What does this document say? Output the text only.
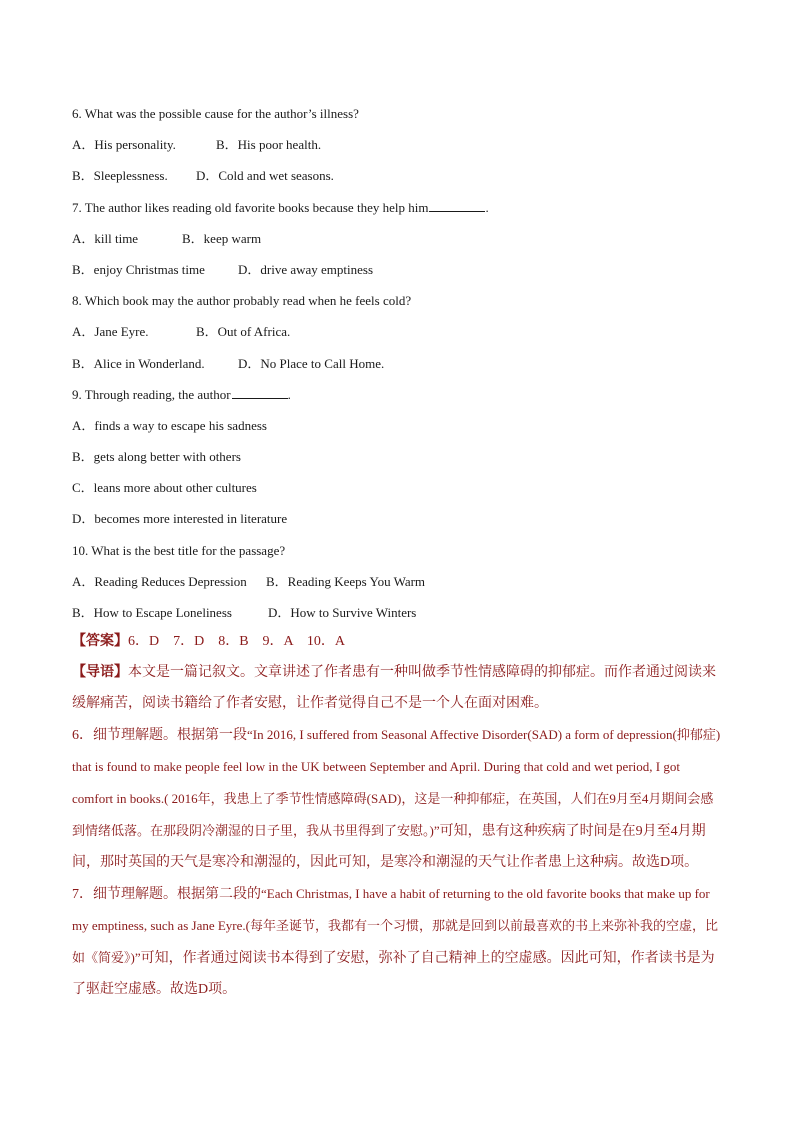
6. What was the possible cause for the author’s illness?
A．His personality.	B．His poor health.
B．Sleeplessness. D．Cold and wet seasons.
7. The author likes reading old favorite books because they help him	.
A．kill time	B．keep warm
B．enjoy Christmas time	D．drive away emptiness
8. Which book may the author probably read when he feels cold?
A．Jane Eyre.	B．Out of Africa.
B．Alice in Wonderland.	D．No Place to Call Home.
9. Through reading, the author	.
A．finds a way to escape his sadness
B．gets along better with others
C．leans more about other cultures
D．becomes more interested in literature
10. What is the best title for the passage?
A．Reading Reduces Depression B．Reading Keeps You Warm
B．How to Escape Loneliness	D．How to Survive Winters
【答案】6．D　7．D　8．B　9．A　10．A
【导语】本文是一篇记叙文。文章讲述了作者患有一种叫做季节性情感障碍的抑郁症。而作者通过阅读来缓解痛苦，阅读书籍给了作者安慰，让作者觉得自己不是一个人在面对困难。
6．细节理解题。根据第一段“In 2016, I suffered from Seasonal Affective Disorder(SAD) a form of depression(抑郁症) that is found to make people feel low in the UK between September and April. During that cold and wet period, I got comfort in books.( 2016年，我患上了季节性情感障碍(SAD)，这是一种抑郁症，在英国，人们在9月至4月期间会感到情绪低落。在那段阴冷潮湿的日子里，我从书里得到了安慰。)”可知，患有这种疾病了时间是在9月至4月期间，那时英国的天气是寒冷和潮湿的，因此可知，是寒冷和潮湿的天气让作者患上这种病。故选D项。
7．细节理解题。根据第二段的“Each Christmas, I have a habit of returning to the old favorite books that make up for my emptiness, such as Jane Eyre.(每年圣诞节，我都有一个习惯，那就是回到以前最喜欢的书上来弥补我的空虚，比如《简爱》)”可知，作者通过阅读书本得到了安慰，弥补了自己精神上的空虚感。因此可知，作者读书是为了驱赶空虚感。故选D项。
